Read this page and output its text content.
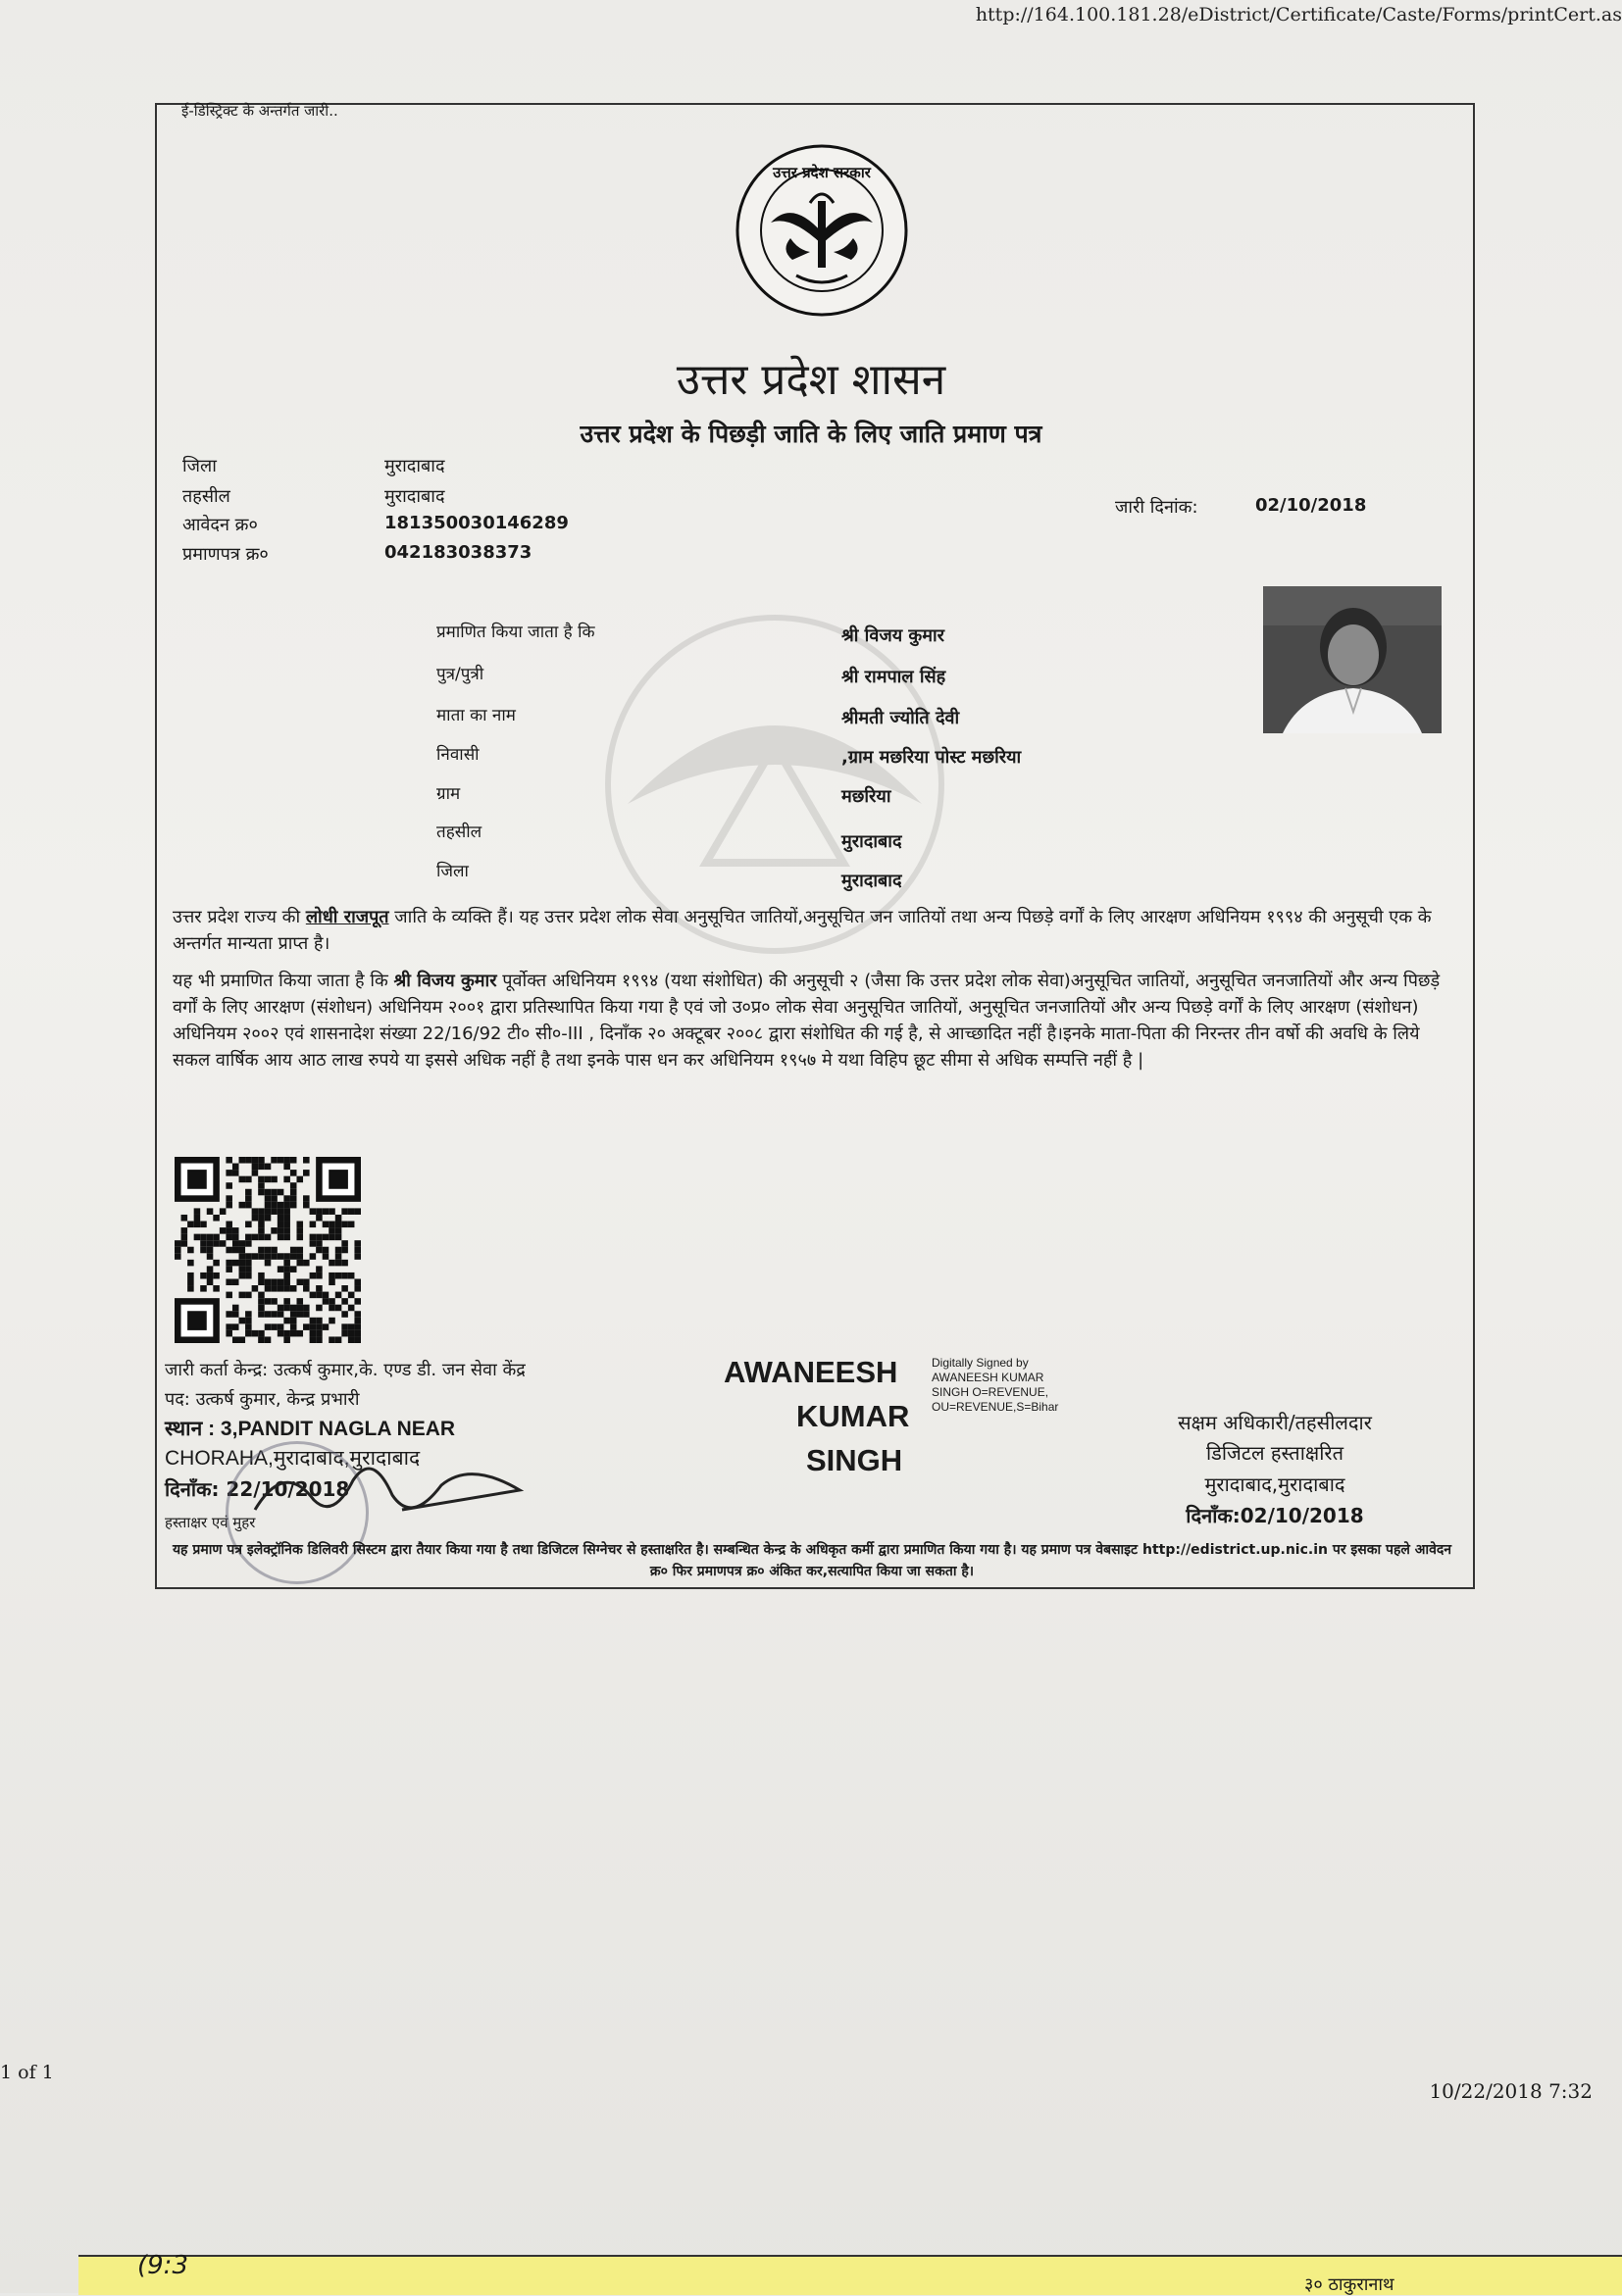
http://164.100.181.28/eDistrict/Certificate/Caste/Forms/printCert.as
ई-डिस्ट्रिक्ट के अन्तर्गत जारी..
उत्तर प्रदेश सरकार
उत्तर प्रदेश शासन
उत्तर प्रदेश के पिछड़ी जाति के लिए जाति प्रमाण पत्र
जिला	मुरादाबाद
तहसील	मुरादाबाद
आवेदन क्र०	181350030146289
प्रमाणपत्र क्र०	042183038373
जारी दिनांक:	02/10/2018
प्रमाणित किया जाता है कि	श्री विजय कुमार
पुत्र/पुत्री	श्री रामपाल सिंह
माता का नाम	श्रीमती ज्योति देवी
निवासी	,ग्राम मछरिया पोस्ट मछरिया
ग्राम	मछरिया
तहसील	मुरादाबाद
जिला	मुरादाबाद
उत्तर प्रदेश राज्य की लोधी राजपूत जाति के व्यक्ति हैं। यह उत्तर प्रदेश लोक सेवा अनुसूचित जातियों,अनुसूचित जन जातियों तथा अन्य पिछड़े वर्गों के लिए आरक्षण अधिनियम १९९४ की अनुसूची एक के अन्तर्गत मान्यता प्राप्त है।
यह भी प्रमाणित किया जाता है कि श्री विजय कुमार पूर्वोक्त अधिनियम १९९४ (यथा संशोधित) की अनुसूची २ (जैसा कि उत्तर प्रदेश लोक सेवा)अनुसूचित जातियों, अनुसूचित जनजातियों और अन्य पिछड़े वर्गों के लिए आरक्षण (संशोधन) अधिनियम २००१ द्वारा प्रतिस्थापित किया गया है एवं जो उ०प्र० लोक सेवा अनुसूचित जातियों, अनुसूचित जनजातियों और अन्य पिछड़े वर्गों के लिए आरक्षण (संशोधन) अधिनियम २००२ एवं शासनादेश संख्या 22/16/92 टी० सी०-III , दिनाँक २० अक्टूबर २००८ द्वारा संशोधित की गई है, से आच्छादित नहीं है।इनके माता-पिता की निरन्तर तीन वर्षो की अवधि के लिये सकल वार्षिक आय आठ लाख रुपये या इससे अधिक नहीं है तथा इनके पास धन कर अधिनियम १९५७ मे यथा विहिप छूट सीमा से अधिक सम्पत्ति नहीं है |
जारी कर्ता केन्द्र: उत्कर्ष कुमार,के. एण्ड डी. जन सेवा केंद्र
पद: उत्कर्ष कुमार, केन्द्र प्रभारी
स्थान : 3,PANDIT NAGLA NEAR
CHORAHA,मुरादाबाद,मुरादाबाद
दिनाँक: 22/10/2018
हस्ताक्षर एवं मुहर
AWANEESH
KUMAR
SINGH
Digitally Signed by AWANEESH KUMAR SINGH O=REVENUE, OU=REVENUE,S=Bihar
सक्षम अधिकारी/तहसीलदार
डिजिटल हस्ताक्षरित
मुरादाबाद,मुरादाबाद
दिनाँक:02/10/2018
यह प्रमाण पत्र इलेक्ट्रॉनिक डिलिवरी सिस्टम द्वारा तैयार किया गया है तथा डिजिटल सिग्नेचर से हस्ताक्षरित है। सम्बन्धित केन्द्र के अधिकृत कर्मी द्वारा प्रमाणित किया गया है। यह प्रमाण पत्र वेबसाइट http://edistrict.up.nic.in पर इसका पहले आवेदन क्र० फिर प्रमाणपत्र क्र० अंकित कर,सत्यापित किया जा सकता है।
1 of 1
10/22/2018 7:32
(9:3
३० ठाकुरानाथ
